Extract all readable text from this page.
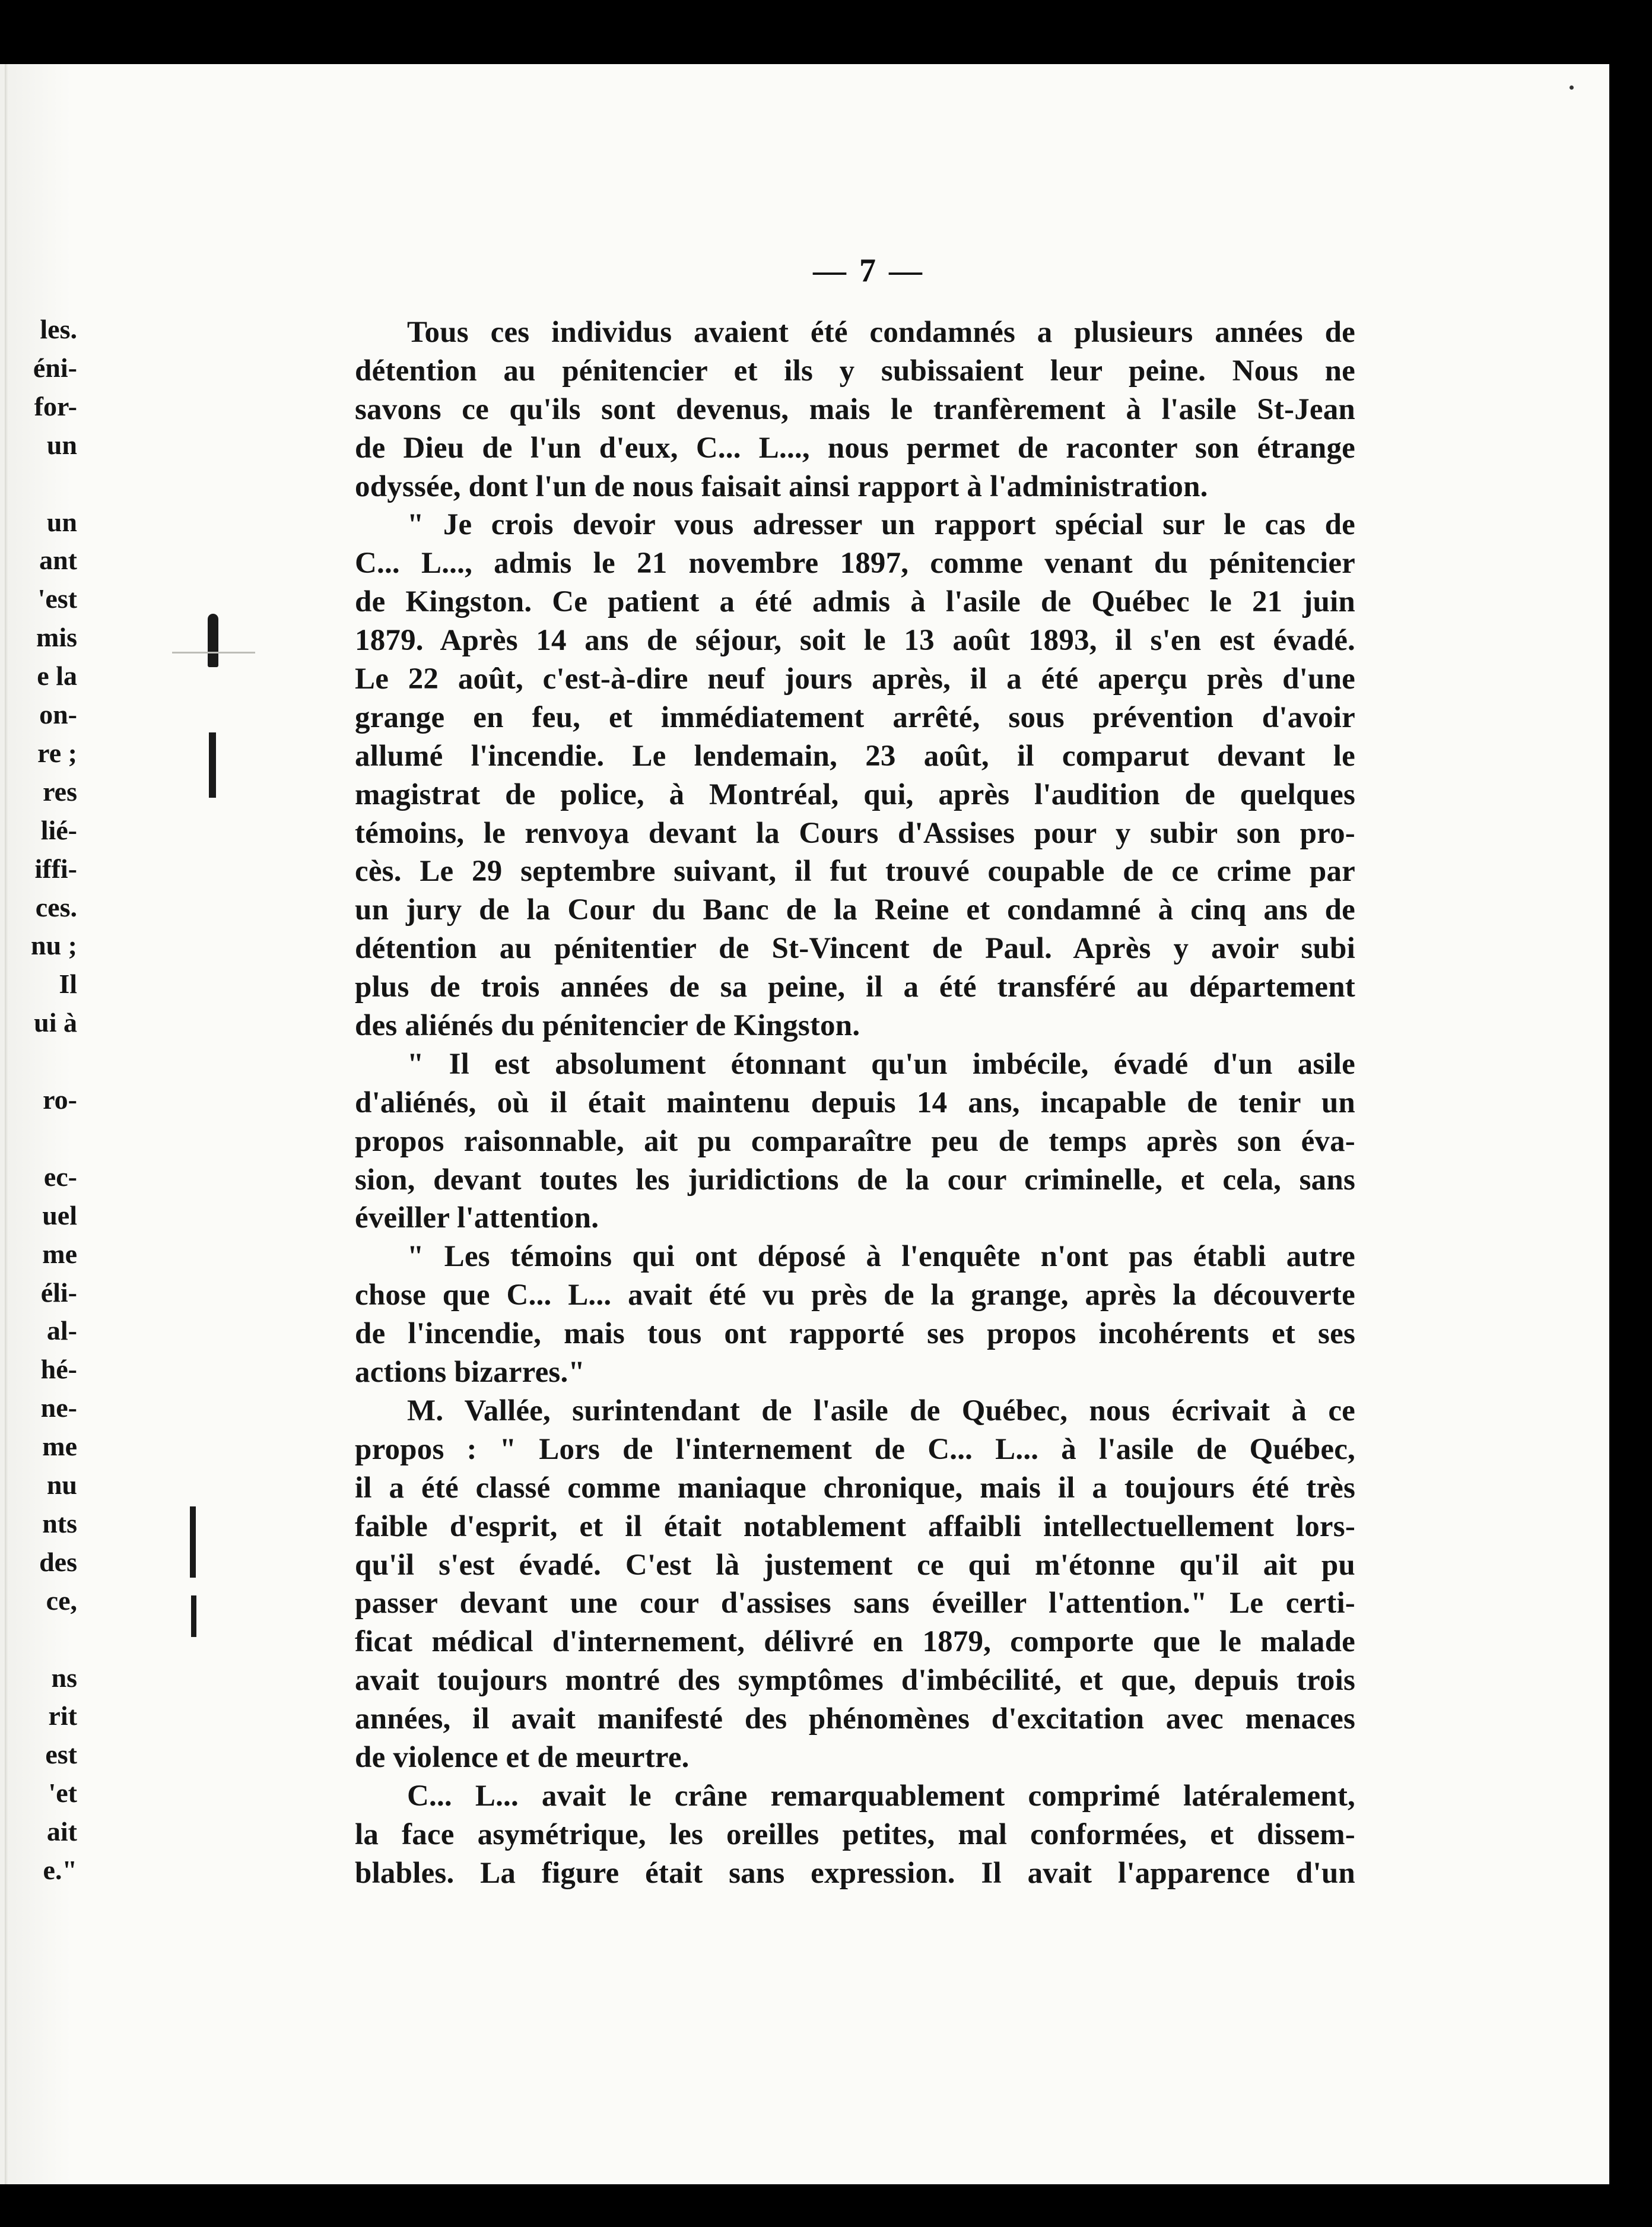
les.
éni-
for-
un
un
ant
'est
mis
e la
on-
re ;
res
lié-
iffi-
ces.
nu ;
Il
ui à
ro-
ec-
uel
me
éli-
al-
hé-
ne-
me
nu
nts
des
ce,
ns
rit
est
'et
ait
e."
— 7 —
Tous ces individus avaient été condamnés a plusieurs années de
détention au pénitencier et ils y subissaient leur peine. Nous ne
savons ce qu'ils sont devenus, mais le tranfèrement à l'asile St-Jean
de Dieu de l'un d'eux, C... L..., nous permet de raconter son étrange
odyssée, dont l'un de nous faisait ainsi rapport à l'administration.
" Je crois devoir vous adresser un rapport spécial sur le cas de
C... L..., admis le 21 novembre 1897, comme venant du pénitencier
de Kingston. Ce patient a été admis à l'asile de Québec le 21 juin
1879. Après 14 ans de séjour, soit le 13 août 1893, il s'en est évadé.
Le 22 août, c'est-à-dire neuf jours après, il a été aperçu près d'une
grange en feu, et immédiatement arrêté, sous prévention d'avoir
allumé l'incendie. Le lendemain, 23 août, il comparut devant le
magistrat de police, à Montréal, qui, après l'audition de quelques
témoins, le renvoya devant la Cours d'Assises pour y subir son pro-
cès. Le 29 septembre suivant, il fut trouvé coupable de ce crime par
un jury de la Cour du Banc de la Reine et condamné à cinq ans de
détention au pénitentier de St-Vincent de Paul. Après y avoir subi
plus de trois années de sa peine, il a été transféré au département
des aliénés du pénitencier de Kingston.
" Il est absolument étonnant qu'un imbécile, évadé d'un asile
d'aliénés, où il était maintenu depuis 14 ans, incapable de tenir un
propos raisonnable, ait pu comparaître peu de temps après son éva-
sion, devant toutes les juridictions de la cour criminelle, et cela, sans
éveiller l'attention.
" Les témoins qui ont déposé à l'enquête n'ont pas établi autre
chose que C... L... avait été vu près de la grange, après la découverte
de l'incendie, mais tous ont rapporté ses propos incohérents et ses
actions bizarres."
M. Vallée, surintendant de l'asile de Québec, nous écrivait à ce
propos : " Lors de l'internement de C... L... à l'asile de Québec,
il a été classé comme maniaque chronique, mais il a toujours été très
faible d'esprit, et il était notablement affaibli intellectuellement lors-
qu'il s'est évadé. C'est là justement ce qui m'étonne qu'il ait pu
passer devant une cour d'assises sans éveiller l'attention." Le certi-
ficat médical d'internement, délivré en 1879, comporte que le malade
avait toujours montré des symptômes d'imbécilité, et que, depuis trois
années, il avait manifesté des phénomènes d'excitation avec menaces
de violence et de meurtre.
C... L... avait le crâne remarquablement comprimé latéralement,
la face asymétrique, les oreilles petites, mal conformées, et dissem-
blables. La figure était sans expression. Il avait l'apparence d'un
